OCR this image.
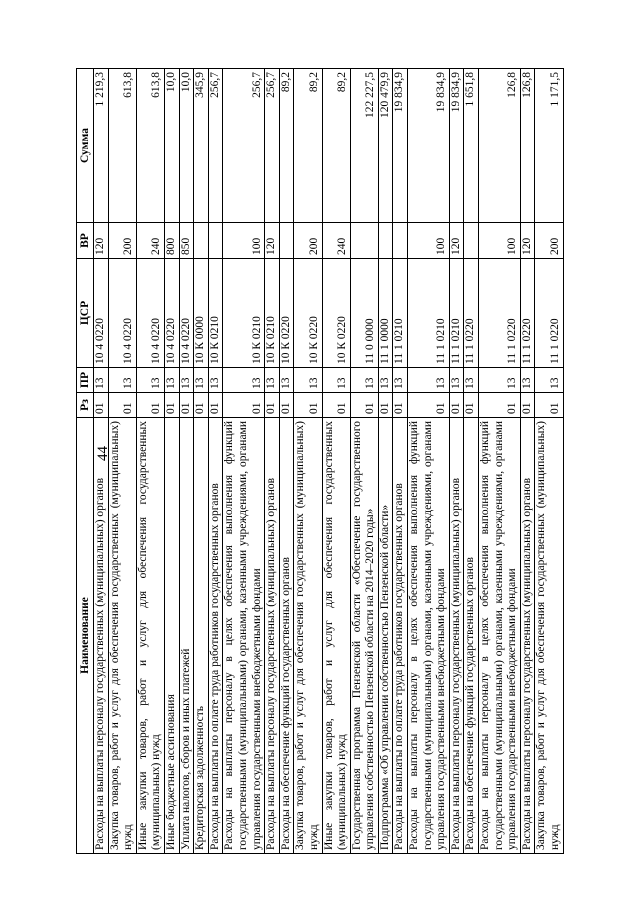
44
Наименование	Рз	ПР	ЦСР	ВР	Сумма
Расходы на выплаты персоналу государственных (муниципальных) органов	01	13	10 4 0220	120	1 219,3
Закупка товаров, работ и услуг для обеспечения государственных (муниципальных) нужд	01	13	10 4 0220	200	613,8
Иные закупки товаров, работ и услуг для обеспечения государственных (муниципальных) нужд	01	13	10 4 0220	240	613,8
Иные бюджетные ассигнования	01	13	10 4 0220	800	10,0
Уплата налогов, сборов и иных платежей	01	13	10 4 0220	850	10,0
Кредиторская задолженность	01	13	10 К 0000		345,9
Расходы на выплаты по оплате труда работников государственных органов	01	13	10 К 0210		256,7
Расходы на выплаты персоналу в целях обеспечения выполнения функций государственными (муниципальными) органами, казенными учреждениями, органами управления государственными внебюджетными фондами	01	13	10 К 0210	100	256,7
Расходы на выплаты персоналу государственных (муниципальных) органов	01	13	10 К 0210	120	256,7
Расходы на обеспечение функций государственных органов	01	13	10 К 0220		89,2
Закупка товаров, работ и услуг для обеспечения государственных (муниципальных) нужд	01	13	10 К 0220	200	89,2
Иные закупки товаров, работ и услуг для обеспечения государственных (муниципальных) нужд	01	13	10 К 0220	240	89,2
Государственная программа Пензенской области «Обеспечение государственного управления собственностью Пензенской области на 2014–2020 годы»	01	13	11 0 0000		122 227,5
Подпрограмма «Об управлении собственностью Пензенской области»	01	13	11 1 0000		120 479,9
Расходы на выплаты по оплате труда работников государственных органов	01	13	11 1 0210		19 834,9
Расходы на выплаты персоналу в целях обеспечения выполнения функций государственными (муниципальными) органами, казенными учреждениями, органами управления государственными внебюджетными фондами	01	13	11 1 0210	100	19 834,9
Расходы на выплаты персоналу государственных (муниципальных) органов	01	13	11 1 0210	120	19 834,9
Расходы на обеспечение функций государственных органов	01	13	11 1 0220		1 651,8
Расходы на выплаты персоналу в целях обеспечения выполнения функций государственными (муниципальными) органами, казенными учреждениями, органами управления государственными внебюджетными фондами	01	13	11 1 0220	100	126,8
Расходы на выплаты персоналу государственных (муниципальных) органов	01	13	11 1 0220	120	126,8
Закупка товаров, работ и услуг для обеспечения государственных (муниципальных) нужд	01	13	11 1 0220	200	1 171,5
